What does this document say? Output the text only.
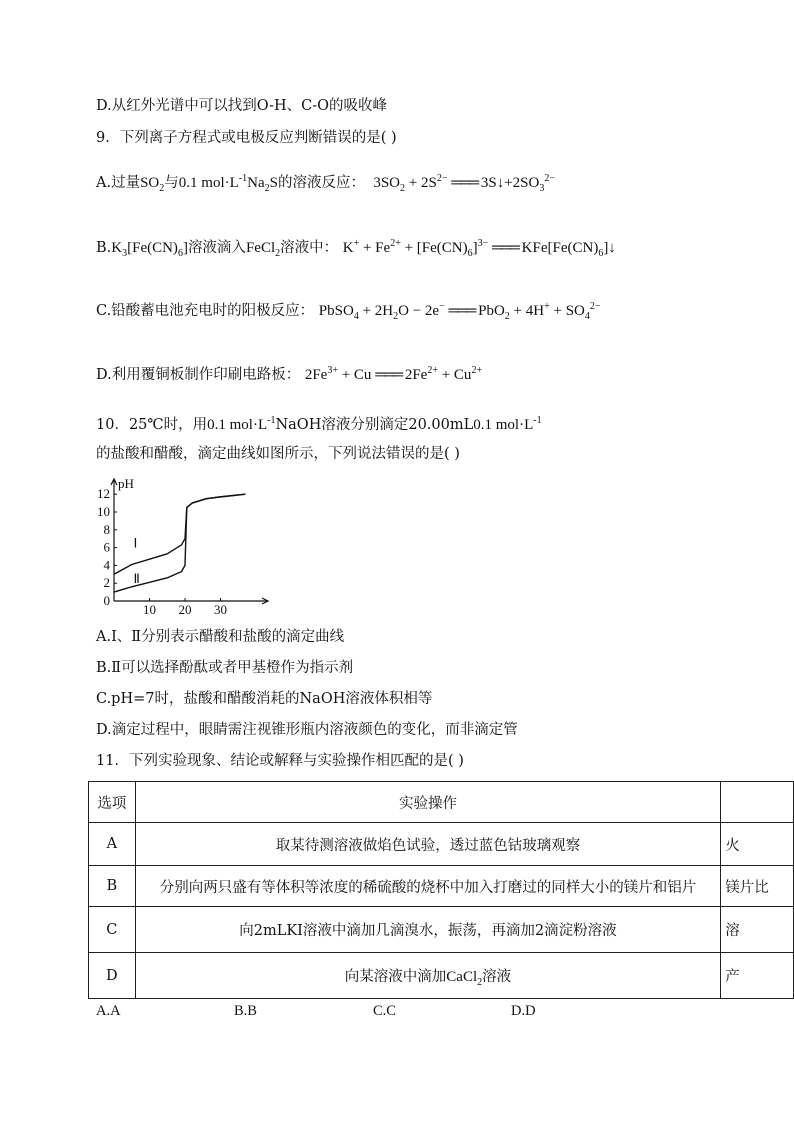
D.从红外光谱中可以找到O-H、C-O的吸收峰
9．下列离子方程式或电极反应判断错误的是( )
A.过量$SO_2$与0.1 $mol\cdot L^{-1}Na_2S$的溶液反应：  $3SO_2 + 2S^{2-}$ ═══ $3S↓+2SO_3^{2-}$
$B.K_3[Fe(CN)_6]$溶液滴入FeCl$_2$溶液中： $K^+ + Fe^{2+} + [Fe(CN)_6]^{3-}$ ═══ $KFe[Fe(CN)_6]↓$
C.铅酸蓄电池充电时的阳极反应： PbSO$_4$ + $2H_2O - 2e^-$ ═══ $PbO_2 + 4H^+ + SO_4^{2-}$
D.利用覆铜板制作印刷电路板： $2Fe^{3+} + Cu$ ═══ $2Fe^{2+} + Cu^{2+}$
10．25℃时，用0.1 $mol\cdot L^{-1}NaOH$溶液分别滴定20.00mL0.1 $mol\cdot L^{-1}$
的盐酸和醋酸，滴定曲线如图所示，下列说法错误的是( )
pH
0
2
4
6
8
10
12
10 20 30
Ⅰ
Ⅱ
A.Ⅰ、Ⅱ分别表示醋酸和盐酸的滴定曲线
B.Ⅱ可以选择酚酞或者甲基橙作为指示剂
C.pH=7时，盐酸和醋酸消耗的NaOH溶液体积相等
D.滴定过程中，眼睛需注视锥形瓶内溶液颜色的变化，而非滴定管
11．下列实验现象、结论或解释与实验操作相匹配的是( )
选项	实验操作	
A	取某待测溶液做焰色试验，透过蓝色钴玻璃观察	火
B	分别向两只盛有等体积等浓度的稀硫酸的烧杯中加入打磨过的同样大小的镁片和铝片	镁片比
C	向2mLKI溶液中滴加几滴溴水，振荡，再滴加2滴淀粉溶液	溶
D	向某溶液中滴加CaCl$_2$溶液	产
A.A	B.B	C.C	D.D
